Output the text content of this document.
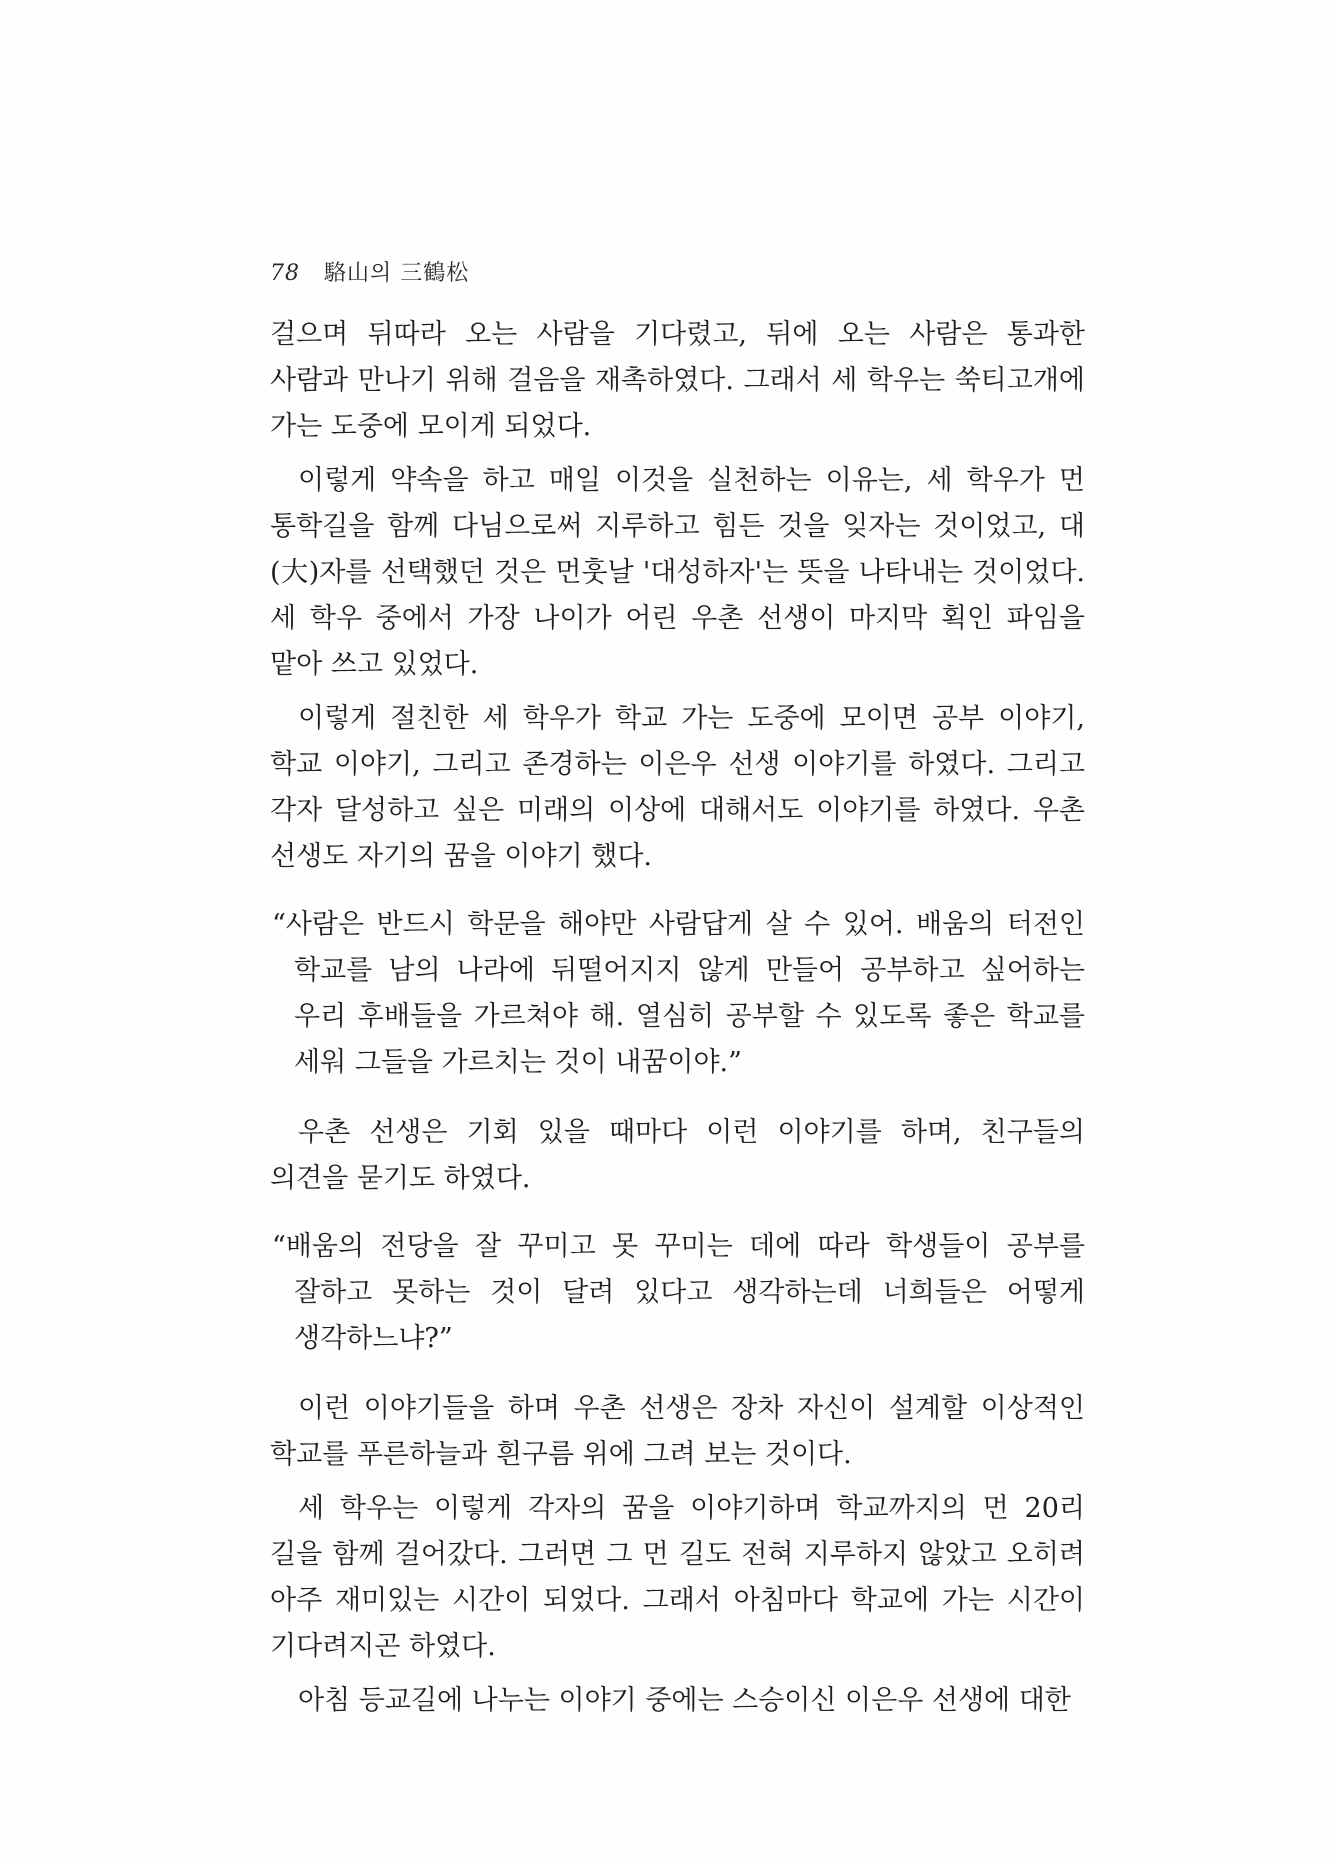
78 駱山의 三鶴松

걸으며 뒤따라 오는 사람을 기다렸고, 뒤에 오는 사람은 통과한 사람과 만나기 위해 걸음을 재촉하였다. 그래서 세 학우는 쑥티고개에 가는 도중에 모이게 되었다.

이렇게 약속을 하고 매일 이것을 실천하는 이유는, 세 학우가 먼 통학길을 함께 다님으로써 지루하고 힘든 것을 잊자는 것이었고, 대(大)자를 선택했던 것은 먼훗날 '대성하자'는 뜻을 나타내는 것이었다. 세 학우 중에서 가장 나이가 어린 우촌 선생이 마지막 획인 파임을 맡아 쓰고 있었다.

이렇게 절친한 세 학우가 학교 가는 도중에 모이면 공부 이야기, 학교 이야기, 그리고 존경하는 이은우 선생 이야기를 하였다. 그리고 각자 달성하고 싶은 미래의 이상에 대해서도 이야기를 하였다. 우촌 선생도 자기의 꿈을 이야기 했다.

“사람은 반드시 학문을 해야만 사람답게 살 수 있어. 배움의 터전인 학교를 남의 나라에 뒤떨어지지 않게 만들어 공부하고 싶어하는 우리 후배들을 가르쳐야 해. 열심히 공부할 수 있도록 좋은 학교를 세워 그들을 가르치는 것이 내꿈이야.”

우촌 선생은 기회 있을 때마다 이런 이야기를 하며, 친구들의 의견을 묻기도 하였다.

“배움의 전당을 잘 꾸미고 못 꾸미는 데에 따라 학생들이 공부를 잘하고 못하는 것이 달려 있다고 생각하는데 너희들은 어떻게 생각하느냐?”

이런 이야기들을 하며 우촌 선생은 장차 자신이 설계할 이상적인 학교를 푸른하늘과 흰구름 위에 그려 보는 것이다.

세 학우는 이렇게 각자의 꿈을 이야기하며 학교까지의 먼 20리 길을 함께 걸어갔다. 그러면 그 먼 길도 전혀 지루하지 않았고 오히려 아주 재미있는 시간이 되었다. 그래서 아침마다 학교에 가는 시간이 기다려지곤 하였다.

아침 등교길에 나누는 이야기 중에는 스승이신 이은우 선생에 대한
